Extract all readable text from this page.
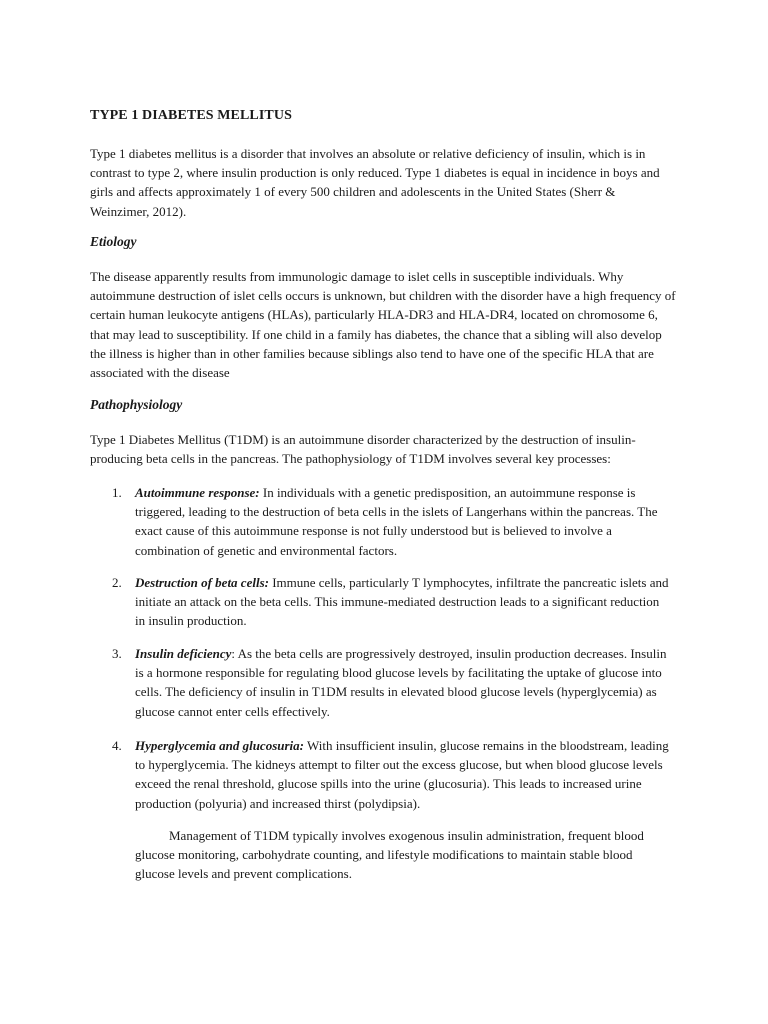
TYPE 1 DIABETES MELLITUS

Type 1 diabetes mellitus is a disorder that involves an absolute or relative deficiency of insulin, which is in contrast to type 2, where insulin production is only reduced. Type 1 diabetes is equal in incidence in boys and girls and affects approximately 1 of every 500 children and adolescents in the United States (Sherr & Weinzimer, 2012).

Etiology

The disease apparently results from immunologic damage to islet cells in susceptible individuals. Why autoimmune destruction of islet cells occurs is unknown, but children with the disorder have a high frequency of certain human leukocyte antigens (HLAs), particularly HLA-DR3 and HLA-DR4, located on chromosome 6, that may lead to susceptibility. If one child in a family has diabetes, the chance that a sibling will also develop the illness is higher than in other families because siblings also tend to have one of the specific HLA that are associated with the disease

Pathophysiology

Type 1 Diabetes Mellitus (T1DM) is an autoimmune disorder characterized by the destruction of insulin-producing beta cells in the pancreas. The pathophysiology of T1DM involves several key processes:

1. Autoimmune response: In individuals with a genetic predisposition, an autoimmune response is triggered, leading to the destruction of beta cells in the islets of Langerhans within the pancreas. The exact cause of this autoimmune response is not fully understood but is believed to involve a combination of genetic and environmental factors.
2. Destruction of beta cells: Immune cells, particularly T lymphocytes, infiltrate the pancreatic islets and initiate an attack on the beta cells. This immune-mediated destruction leads to a significant reduction in insulin production.
3. Insulin deficiency: As the beta cells are progressively destroyed, insulin production decreases. Insulin is a hormone responsible for regulating blood glucose levels by facilitating the uptake of glucose into cells. The deficiency of insulin in T1DM results in elevated blood glucose levels (hyperglycemia) as glucose cannot enter cells effectively.
4. Hyperglycemia and glucosuria: With insufficient insulin, glucose remains in the bloodstream, leading to hyperglycemia. The kidneys attempt to filter out the excess glucose, but when blood glucose levels exceed the renal threshold, glucose spills into the urine (glucosuria). This leads to increased urine production (polyuria) and increased thirst (polydipsia).

Management of T1DM typically involves exogenous insulin administration, frequent blood glucose monitoring, carbohydrate counting, and lifestyle modifications to maintain stable blood glucose levels and prevent complications.
